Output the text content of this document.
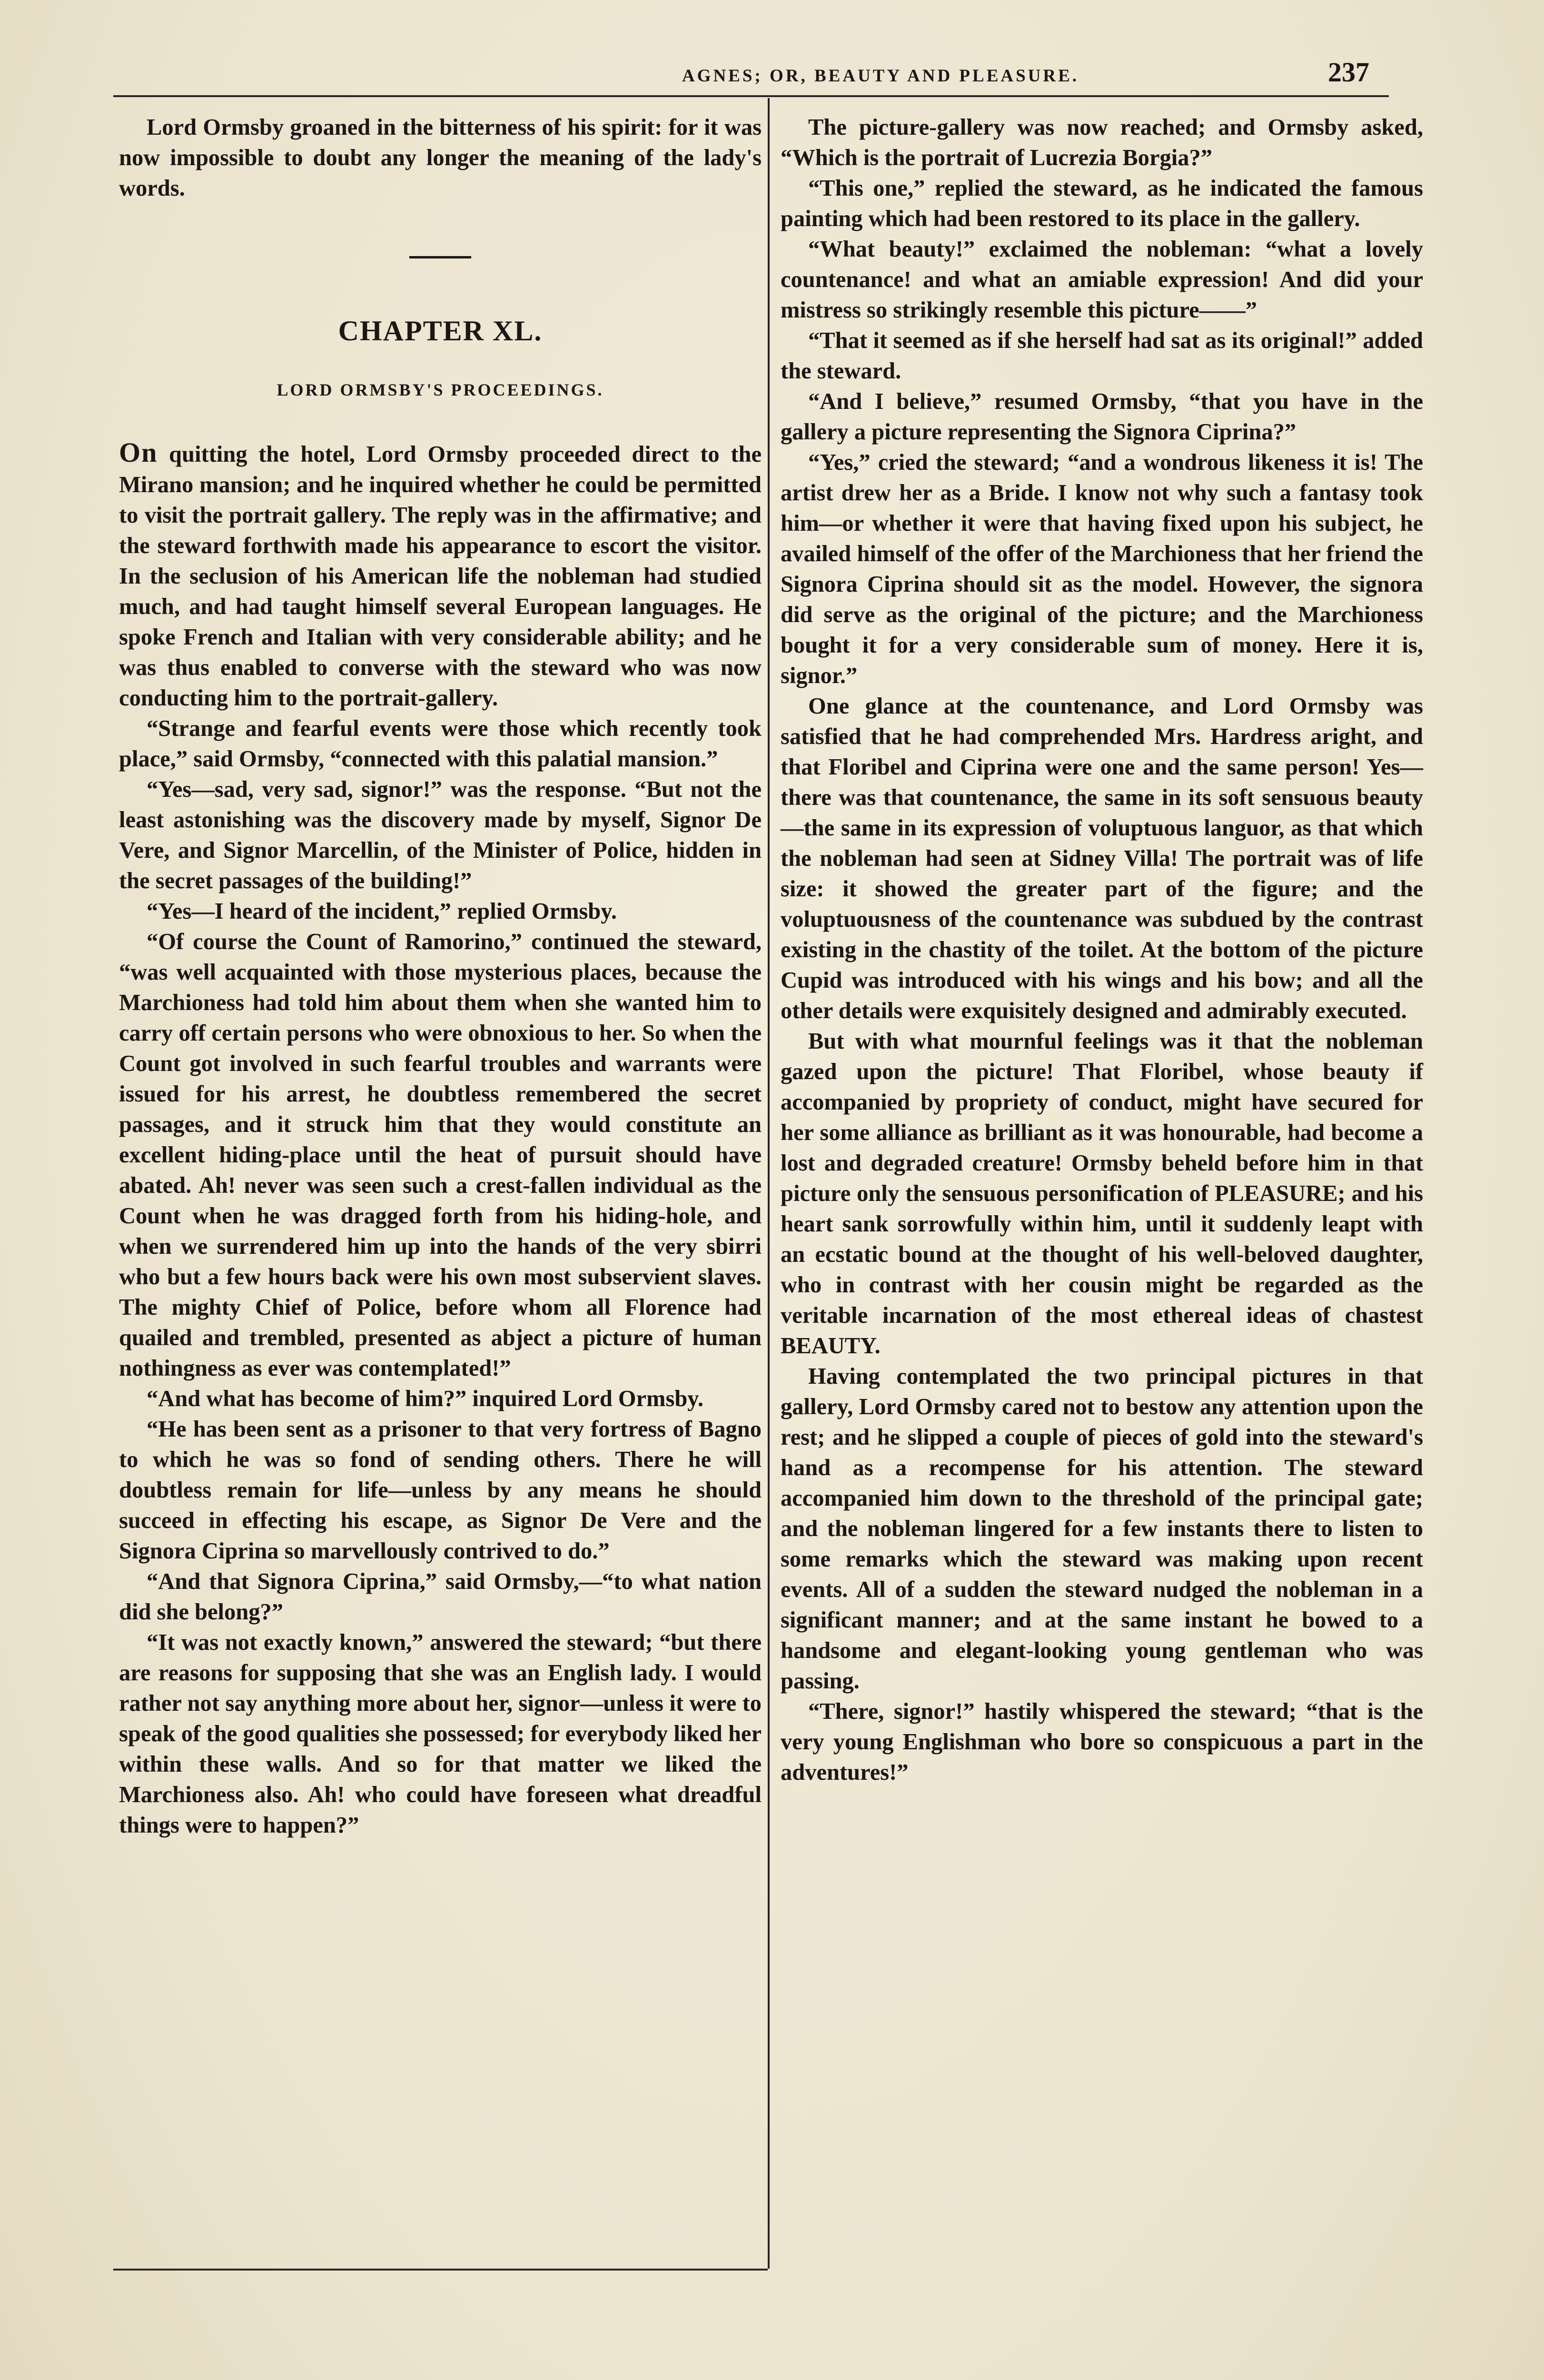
AGNES; OR, BEAUTY AND PLEASURE.	237

Lord Ormsby groaned in the bitterness of his spirit: for it was now impossible to doubt any longer the meaning of the lady's words.

CHAPTER XL.
LORD ORMSBY'S PROCEEDINGS.

On quitting the hotel, Lord Ormsby proceeded direct to the Mirano mansion; and he inquired whether he could be permitted to visit the portrait gallery. The reply was in the affirmative; and the steward forthwith made his appearance to escort the visitor. In the seclusion of his American life the nobleman had studied much, and had taught himself several European languages. He spoke French and Italian with very considerable ability; and he was thus enabled to converse with the steward who was now conducting him to the portrait-gallery.

“Strange and fearful events were those which recently took place,” said Ormsby, “connected with this palatial mansion.”

“Yes—sad, very sad, signor!” was the response. “But not the least astonishing was the discovery made by myself, Signor De Vere, and Signor Marcellin, of the Minister of Police, hidden in the secret passages of the building!”

“Yes—I heard of the incident,” replied Ormsby.

“Of course the Count of Ramorino,” continued the steward, “was well acquainted with those mysterious places, because the Marchioness had told him about them when she wanted him to carry off certain persons who were obnoxious to her. So when the Count got involved in such fearful troubles and warrants were issued for his arrest, he doubtless remembered the secret passages, and it struck him that they would constitute an excellent hiding-place until the heat of pursuit should have abated. Ah! never was seen such a crest-fallen individual as the Count when he was dragged forth from his hiding-hole, and when we surrendered him up into the hands of the very sbirri who but a few hours back were his own most subservient slaves. The mighty Chief of Police, before whom all Florence had quailed and trembled, presented as abject a picture of human nothingness as ever was contemplated!”

“And what has become of him?” inquired Lord Ormsby.

“He has been sent as a prisoner to that very fortress of Bagno to which he was so fond of sending others. There he will doubtless remain for life—unless by any means he should succeed in effecting his escape, as Signor De Vere and the Signora Ciprina so marvellously contrived to do.”

“And that Signora Ciprina,” said Ormsby,—“to what nation did she belong?”

“It was not exactly known,” answered the steward; “but there are reasons for supposing that she was an English lady. I would rather not say anything more about her, signor—unless it were to speak of the good qualities she possessed; for everybody liked her within these walls. And so for that matter we liked the Marchioness also. Ah! who could have foreseen what dreadful things were to happen?”

The picture-gallery was now reached; and Ormsby asked, “Which is the portrait of Lucrezia Borgia?”

“This one,” replied the steward, as he indicated the famous painting which had been restored to its place in the gallery.

“What beauty!” exclaimed the nobleman: “what a lovely countenance! and what an amiable expression! And did your mistress so strikingly resemble this picture——”

“That it seemed as if she herself had sat as its original!” added the steward.

“And I believe,” resumed Ormsby, “that you have in the gallery a picture representing the Signora Ciprina?”

“Yes,” cried the steward; “and a wondrous likeness it is! The artist drew her as a Bride. I know not why such a fantasy took him—or whether it were that having fixed upon his subject, he availed himself of the offer of the Marchioness that her friend the Signora Ciprina should sit as the model. However, the signora did serve as the original of the picture; and the Marchioness bought it for a very considerable sum of money. Here it is, signor.”

One glance at the countenance, and Lord Ormsby was satisfied that he had comprehended Mrs. Hardress aright, and that Floribel and Ciprina were one and the same person! Yes—there was that countenance, the same in its soft sensuous beauty—the same in its expression of voluptuous languor, as that which the nobleman had seen at Sidney Villa! The portrait was of life size: it showed the greater part of the figure; and the voluptuousness of the countenance was subdued by the contrast existing in the chastity of the toilet. At the bottom of the picture Cupid was introduced with his wings and his bow; and all the other details were exquisitely designed and admirably executed.

But with what mournful feelings was it that the nobleman gazed upon the picture! That Floribel, whose beauty if accompanied by propriety of conduct, might have secured for her some alliance as brilliant as it was honourable, had become a lost and degraded creature! Ormsby beheld before him in that picture only the sensuous personification of PLEASURE; and his heart sank sorrowfully within him, until it suddenly leapt with an ecstatic bound at the thought of his well-beloved daughter, who in contrast with her cousin might be regarded as the veritable incarnation of the most ethereal ideas of chastest BEAUTY.

Having contemplated the two principal pictures in that gallery, Lord Ormsby cared not to bestow any attention upon the rest; and he slipped a couple of pieces of gold into the steward's hand as a recompense for his attention. The steward accompanied him down to the threshold of the principal gate; and the nobleman lingered for a few instants there to listen to some remarks which the steward was making upon recent events. All of a sudden the steward nudged the nobleman in a significant manner; and at the same instant he bowed to a handsome and elegant-looking young gentleman who was passing.

“There, signor!” hastily whispered the steward; “that is the very young Englishman who bore so conspicuous a part in the adventures!”
